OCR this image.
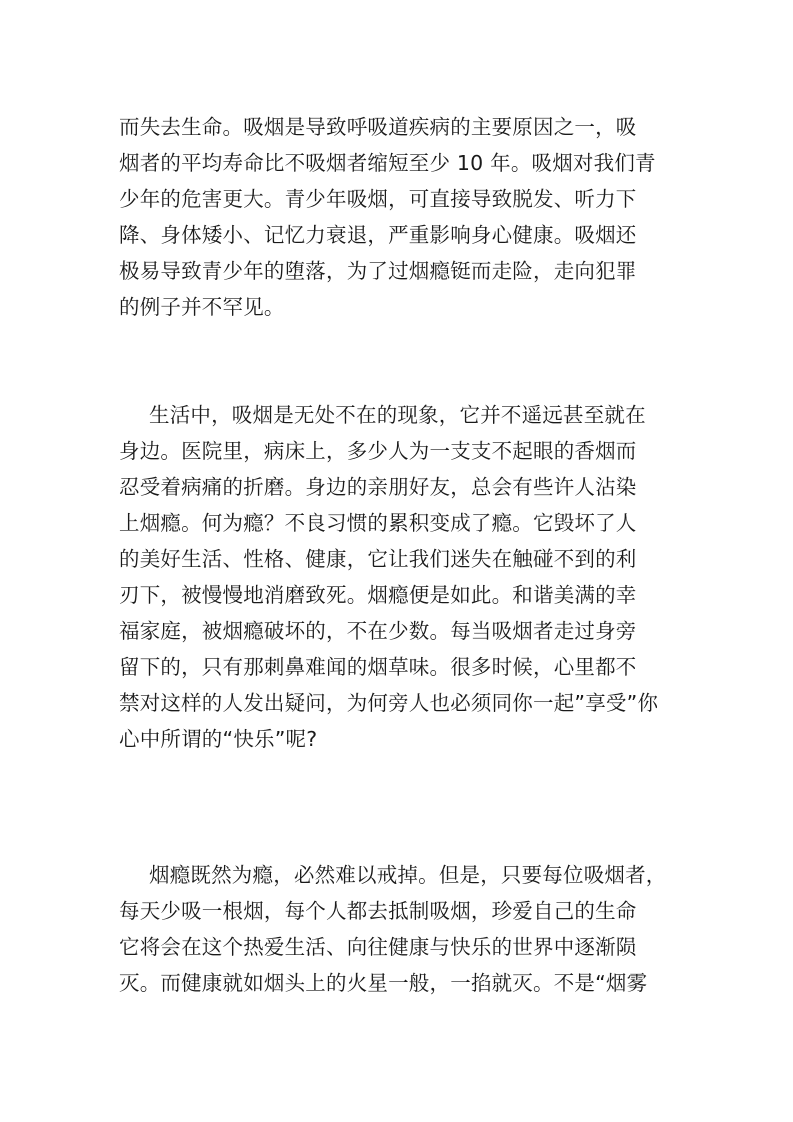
而失去生命。吸烟是导致呼吸道疾病的主要原因之一，吸
烟者的平均寿命比不吸烟者缩短至少 10 年。吸烟对我们青
少年的危害更大。青少年吸烟，可直接导致脱发、听力下
降、身体矮小、记忆力衰退，严重影响身心健康。吸烟还
极易导致青少年的堕落，为了过烟瘾铤而走险，走向犯罪
的例子并不罕见。
生活中，吸烟是无处不在的现象，它并不遥远甚至就在
身边。医院里，病床上，多少人为一支支不起眼的香烟而
忍受着病痛的折磨。身边的亲朋好友，总会有些许人沾染
上烟瘾。何为瘾？不良习惯的累积变成了瘾。它毁坏了人
的美好生活、性格、健康，它让我们迷失在触碰不到的利
刃下，被慢慢地消磨致死。烟瘾便是如此。和谐美满的幸
福家庭，被烟瘾破坏的，不在少数。每当吸烟者走过身旁
留下的，只有那刺鼻难闻的烟草味。很多时候，心里都不
禁对这样的人发出疑问，为何旁人也必须同你一起”享受”你
心中所谓的“快乐”呢?
烟瘾既然为瘾，必然难以戒掉。但是，只要每位吸烟者，
每天少吸一根烟，每个人都去抵制吸烟，珍爱自己的生命
它将会在这个热爱生活、向往健康与快乐的世界中逐渐陨
灭。而健康就如烟头上的火星一般，一掐就灭。不是“烟雾
